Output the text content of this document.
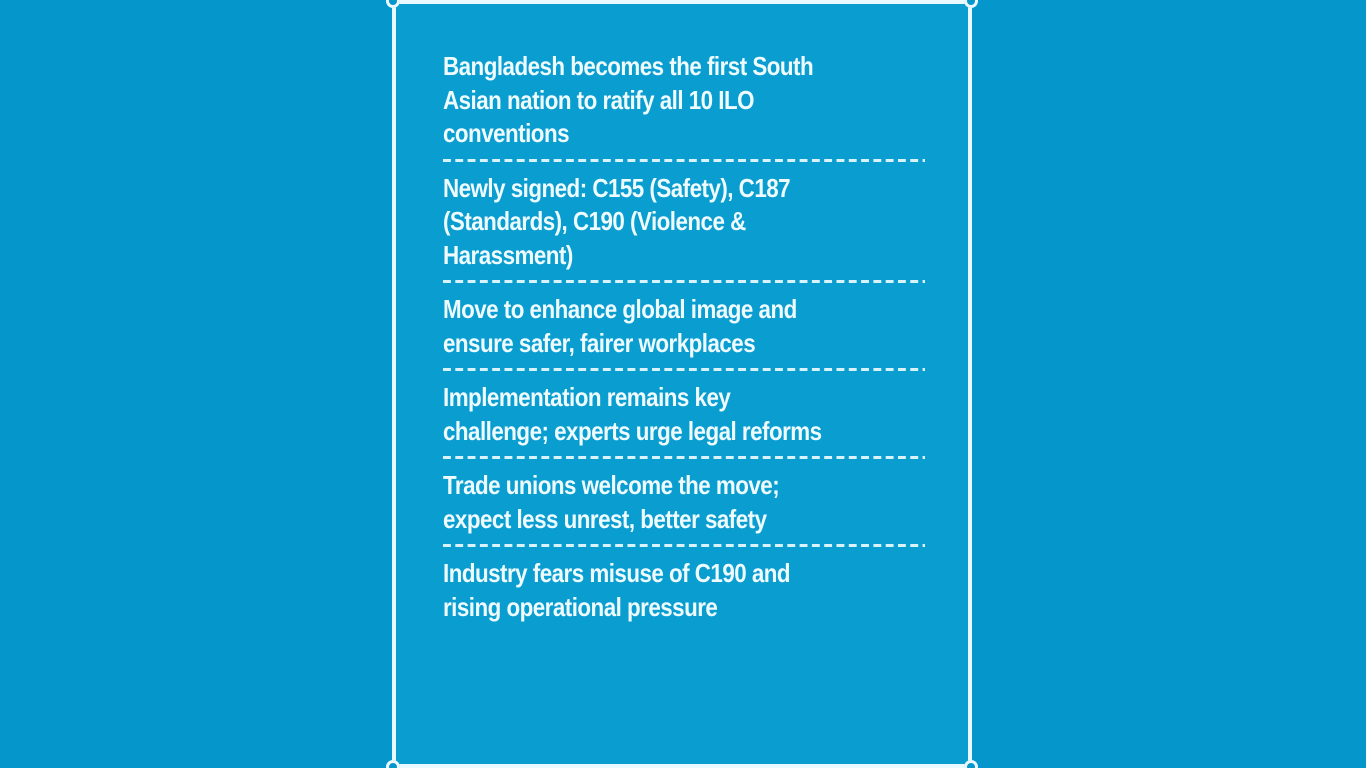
Bangladesh becomes the first South
Asian nation to ratify all 10 ILO
conventions
Newly signed: C155 (Safety), C187
(Standards), C190 (Violence &
Harassment)
Move to enhance global image and
ensure safer, fairer workplaces
Implementation remains key
challenge; experts urge legal reforms
Trade unions welcome the move;
expect less unrest, better safety
Industry fears misuse of C190 and
rising operational pressure
